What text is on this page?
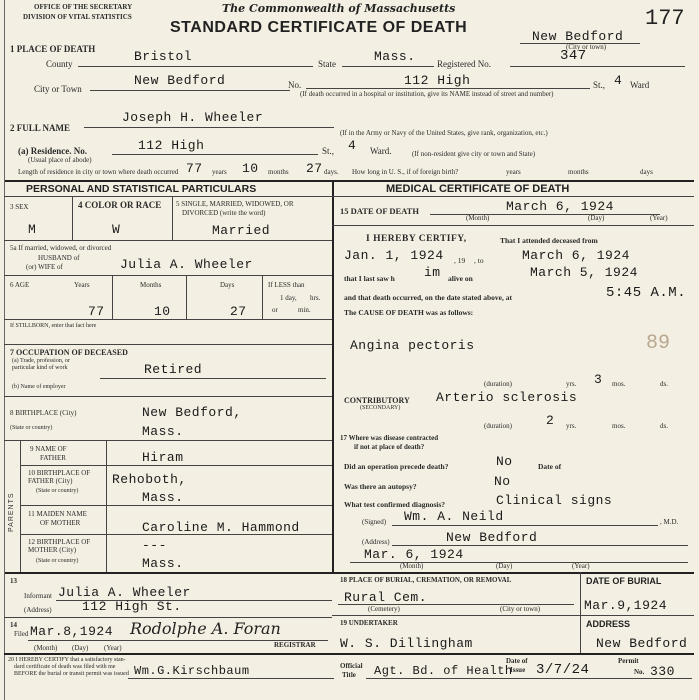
OFFICE OF THE SECRETARY
DIVISION OF VITAL STATISTICS
The Commonwealth of Massachusetts
STANDARD CERTIFICATE OF DEATH
New Bedford
(City or town)
177
1 PLACE OF DEATH
County	Bristol	State	Mass. Registered No.	347
City or Town
New Bedford	No.	112 High	St., 4 Ward
(If death occurred in a hospital or institution, give its NAME instead of street and number)
2 FULL NAME
Joseph H. Wheeler
(If in the Army or Navy of the United States, give rank, organization, etc.)
(a) Residence. No.
(Usual place of abode)
112 High	St., 4 Ward.	(If non-resident give city or town and State)
Length of residence in city or town where death occurred 77 years 10 months 27 days. How long in U. S., if of foreign birth?	years	months	days
PERSONAL AND STATISTICAL PARTICULARS
3 SEX
M
4 COLOR OR RACE
W
5 SINGLE, MARRIED, WIDOWED, OR
DIVORCED (write the word)
Married
5a If married, widowed, or divorced
HUSBAND of
(or) WIFE of	Julia A. Wheeler
6 AGE	Years	Months	Days
77	10	27
If LESS than
1 day, hrs.
or	min.
If STILLBORN, enter that fact here
7 OCCUPATION OF DECEASED
(a) Trade, profession, or
particular kind of work	Retired
(b) Name of employer
8 BIRTHPLACE (City)	New Bedford,
(State or country)	Mass.
PARENTS
9 NAME OF
FATHER	Hiram
10 BIRTHPLACE OF
FATHER (City)
(State or country)
Rehoboth,
Mass.
11 MAIDEN NAME
OF MOTHER	Caroline M. Hammond
12 BIRTHPLACE OF
MOTHER (City)
(State or country)
---
Mass.
MEDICAL CERTIFICATE OF DEATH
15 DATE OF DEATH	March 6, 1924
(Month)	(Day)	(Year)
I HEREBY CERTIFY,	That I attended deceased from
Jan. 1, 1924 , 19 , to	March 6, 1924
that I last saw h im alive on	March 5, 1924
and that death occurred, on the date stated above, at	5:45 A.M.
The CAUSE OF DEATH was as follows:
Angina pectoris	89
(duration)	yrs. 3 mos.	ds.
CONTRIBUTORY
(SECONDARY)
Arterio sclerosis
(duration)	2 yrs.	mos.	ds.
17 Where was disease contracted
if not at place of death?
Did an operation precede death?	No	Date of
Was there an autopsy?	No
What test confirmed diagnosis?	Clinical signs
(Signed) Wm. A. Neild	, M.D.
(Address)	New Bedford
Mar. 6, 1924
(Month)	(Day)	(Year)
13
Informant Julia A. Wheeler
(Address) 112 High St.
14
Filed Mar.8,1924 Rodolphe A. Foran
REGISTRAR
(Month) (Day) (Year)
18 PLACE OF BURIAL, CREMATION, OR REMOVAL
Rural Cem.
(Cemetery)	(City or town)
DATE OF BURIAL
Mar.9,1924
19 UNDERTAKER	ADDRESS
W. S. Dillingham	New Bedford
20 I HEREBY CERTIFY that a satisfactory stan-
dard certificate of death was filed with me
BEFORE the burial or transit permit was issued Wm.G.Kirschbaum	Official
Title Agt. Bd. of Health
Date of
Issue 3/7/24
Permit
No. 330
